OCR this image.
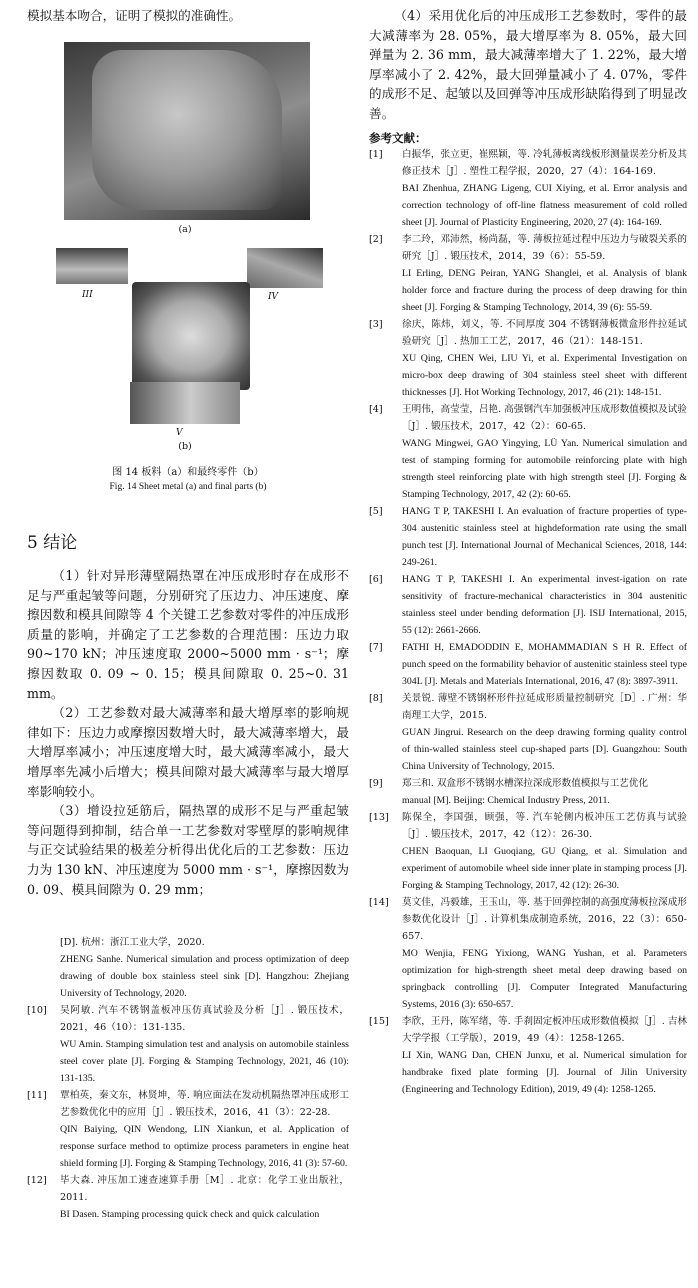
模拟基本吻合，证明了模拟的准确性。
(a)
III	IV
V
(b)
图 14 板料（a）和最终零件（b）
Fig. 14 Sheet metal (a) and final parts (b)
5 结论

（1）针对异形薄壁隔热罩在冲压成形时存在成形不足与严重起皱等问题，分别研究了压边力、冲压速度、摩擦因数和模具间隙等 4 个关键工艺参数对零件的冲压成形质量的影响，并确定了工艺参数的合理范围：压边力取 90~170 kN；冲压速度取 2000~5000 mm · s⁻¹；摩擦因数取 0. 09 ~ 0. 15；模具间隙取 0. 25~0. 31 mm。

（2）工艺参数对最大减薄率和最大增厚率的影响规律如下：压边力或摩擦因数增大时，最大减薄率增大，最大增厚率减小；冲压速度增大时，最大减薄率减小，最大增厚率先减小后增大；模具间隙对最大减薄率与最大增厚率影响较小。

（3）增设拉延筋后，隔热罩的成形不足与严重起皱等问题得到抑制，结合单一工艺参数对零壁厚的影响规律与正交试验结果的极差分析得出优化后的工艺参数：压边力为 130 kN、冲压速度为 5000 mm · s⁻¹，摩擦因数为 0. 09、模具间隙为 0. 29 mm；

[D]. 杭州：浙江工业大学，2020.

ZHENG Sanhe. Numerical simulation and process optimization of deep drawing of double box stainless steel sink [D]. Hangzhou: Zhejiang University of Technology, 2020.

[10] 吴阿敏. 汽车不锈钢盖板冲压仿真试验及分析［J］. 锻压技术，2021，46（10）：131-135.

WU Amin. Stamping simulation test and analysis on automobile stainless steel cover plate [J]. Forging & Stamping Technology, 2021, 46 (10): 131-135.

[11] 覃柏英，秦文东，林贤坤，等. 响应面法在发动机隔热罩冲压成形工艺参数优化中的应用［J］. 锻压技术，2016，41（3）：22-28.

QIN Baiying, QIN Wendong, LIN Xiankun, et al. Application of response surface method to optimize process parameters in engine heat shield forming [J]. Forging & Stamping Technology, 2016, 41 (3): 57-60.

[12] 毕大森. 冲压加工速查速算手册［M］. 北京：化学工业出版社，2011.

BI Dasen. Stamping processing quick check and quick calculation

（4）采用优化后的冲压成形工艺参数时，零件的最大减薄率为 28. 05%，最大增厚率为 8. 05%，最大回弹量为 2. 36 mm，最大减薄率增大了 1. 22%，最大增厚率减小了 2. 42%，最大回弹量减小了 4. 07%，零件的成形不足、起皱以及回弹等冲压成形缺陷得到了明显改善。

参考文献：

[1] 白振华，张立更，崔熙颖，等. 冷轧薄板离线板形测量误差分析及其修正技术［J］. 塑性工程学报，2020，27（4）：164-169.

BAI Zhenhua, ZHANG Ligeng, CUI Xiying, et al. Error analysis and correction technology of off-line flatness measurement of cold rolled sheet [J]. Journal of Plasticity Engineering, 2020, 27 (4): 164-169.

[2] 李二玲，邓沛然，杨尚磊，等. 薄板拉延过程中压边力与破裂关系的研究［J］. 锻压技术，2014，39（6）：55-59.

LI Erling, DENG Peiran, YANG Shanglei, et al. Analysis of blank holder force and fracture during the process of deep drawing for thin sheet [J]. Forging & Stamping Technology, 2014, 39 (6): 55-59.

[3] 徐庆，陈炜，刘义，等. 不同厚度 304 不锈钢薄板微盒形件拉延试验研究［J］. 热加工工艺，2017，46（21）：148-151.

XU Qing, CHEN Wei, LIU Yi, et al. Experimental Investigation on micro-box deep drawing of 304 stainless steel sheet with different thicknesses [J]. Hot Working Technology, 2017, 46 (21): 148-151.

[4] 王明伟，高莹莹，吕艳. 高强钢汽车加强板冲压成形数值模拟及试验［J］. 锻压技术，2017，42（2）：60-65.

WANG Mingwei, GAO Yingying, LÜ Yan. Numerical simulation and test of stamping forming for automobile reinforcing plate with high strength steel reinforcing plate with high strength steel [J]. Forging & Stamping Technology, 2017, 42 (2): 60-65.

[5] HANG T P, TAKESHI I. An evaluation of fracture properties of type-304 austenitic stainless steel at highdeformation rate using the small punch test [J]. International Journal of Mechanical Sciences, 2018, 144: 249-261.

[6] HANG T P, TAKESHI I. An experimental invest-igation on rate sensitivity of fracture-mechanical characteristics in 304 austenitic stainless steel under bending deformation [J]. ISIJ International, 2015, 55 (12): 2661-2666.

[7] FATHI H, EMADODDIN E, MOHAMMADIAN S H R. Effect of punch speed on the formability behavior of austenitic stainless steel type 304L [J]. Metals and Materials International, 2016, 47 (8): 3897-3911.

[8] 关景锐. 薄壁不锈钢杯形件拉延成形质量控制研究［D］. 广州：华南理工大学，2015.

GUAN Jingrui. Research on the deep drawing forming quality control of thin-walled stainless steel cup-shaped parts [D]. Guangzhou: South China University of Technology, 2015.

[9] 郑三和. 双盒形不锈钢水槽深拉深成形数值模拟与工艺优化

manual [M]. Beijing: Chemical Industry Press, 2011.

[13] 陈保全，李国强，顾强，等. 汽车轮侧内板冲压工艺仿真与试验［J］. 锻压技术，2017，42（12）：26-30.

CHEN Baoquan, LI Guoqiang, GU Qiang, et al. Simulation and experiment of automobile wheel side inner plate in stamping process [J]. Forging & Stamping Technology, 2017, 42 (12): 26-30.

[14] 莫文佳，冯毅雄，王玉山，等. 基于回弹控制的高强度薄板拉深成形参数优化设计［J］. 计算机集成制造系统，2016，22（3）：650-657.

MO Wenjia, FENG Yixiong, WANG Yushan, et al. Parameters optimization for high-strength sheet metal deep drawing based on springback controlling [J]. Computer Integrated Manufacturing Systems, 2016 (3): 650-657.

[15] 李欣，王丹，陈军绪，等. 手刹固定板冲压成形数值模拟［J］. 吉林大学学报（工学版），2019，49（4）：1258-1265.

LI Xin, WANG Dan, CHEN Junxu, et al. Numerical simulation for handbrake fixed plate forming [J]. Journal of Jilin University (Engineering and Technology Edition), 2019, 49 (4): 1258-1265.
